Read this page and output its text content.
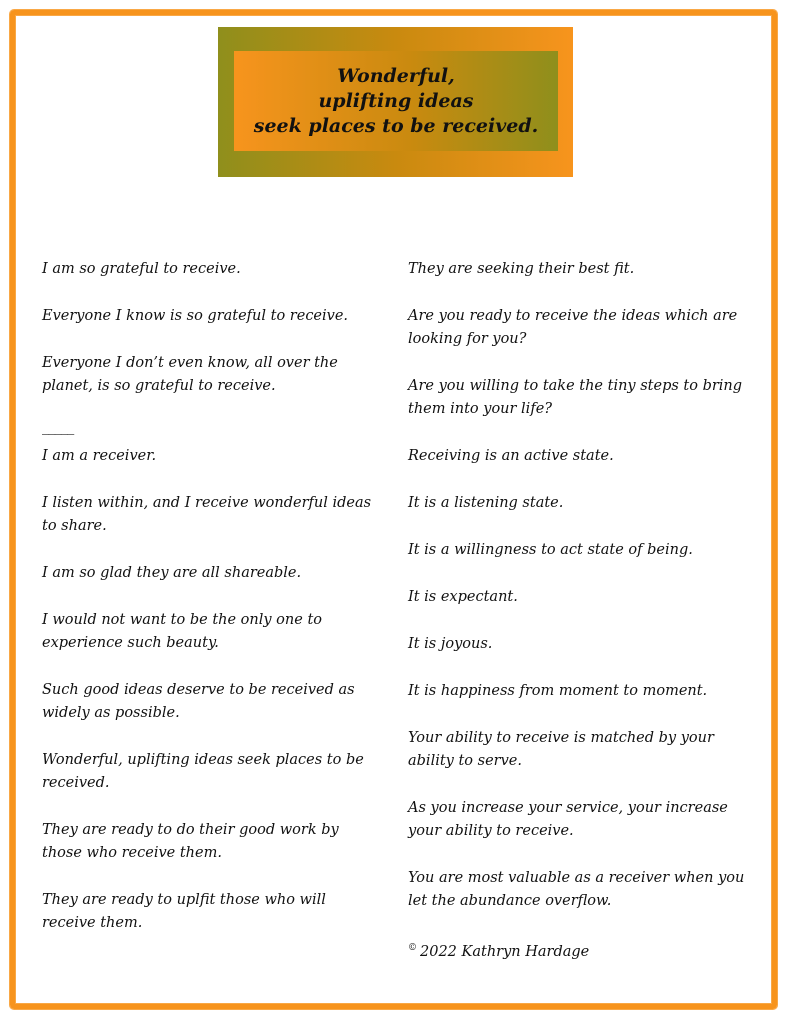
Wonderful,
uplifting ideas
seek places to be received.

I am so grateful to receive.

Everyone I know is so grateful to receive.

Everyone I don’t even know, all over the planet, is so grateful to receive.

_____

I am a receiver.

I listen within, and I receive wonderful ideas to share.

I am so glad they are all shareable.

I would not want to be the only one to experience such beauty.

Such good ideas deserve to be received as widely as possible.

Wonderful, uplifting ideas seek places to be received.

They are ready to do their good work by those who receive them.

They are ready to uplfit those who will receive them.

They are seeking their best fit.

Are you ready to receive the ideas which are looking for you?

Are you willing to take the tiny steps to bring them into your life?

Receiving is an active state.

It is a listening state.

It is a willingness to act state of being.

It is expectant.

It is joyous.

It is happiness from moment to moment.

Your ability to receive is matched by your ability to serve.

As you increase your service, your increase your ability to receive.

You are most valuable as a receiver when you let the abundance overflow.

© 2022 Kathryn Hardage
